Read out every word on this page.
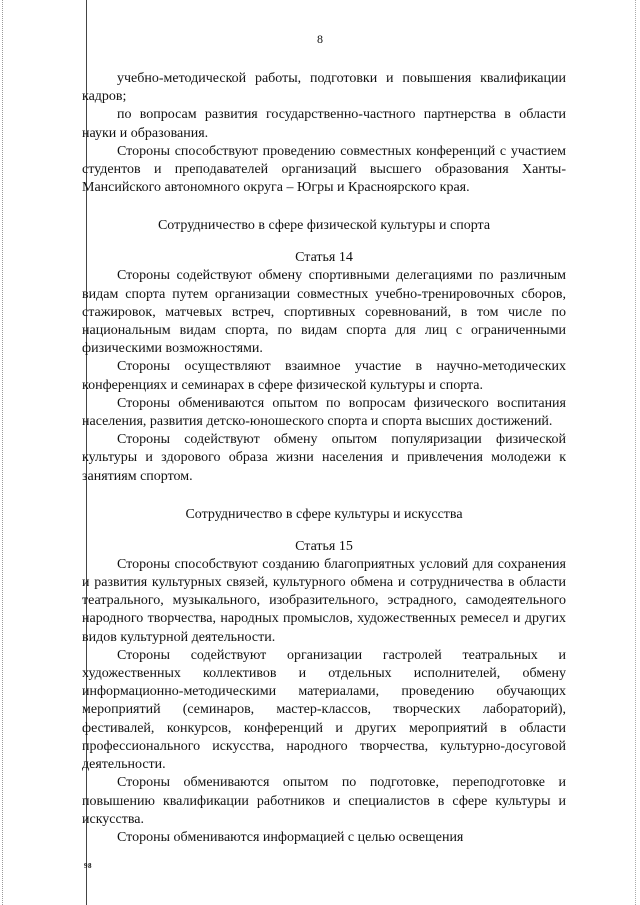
8

учебно-методической работы, подготовки и повышения квалификации кадров;

по вопросам развития государственно-частного партнерства в области науки и образования.

Стороны способствуют проведению совместных конференций с участием студентов и преподавателей организаций высшего образования Ханты-Мансийского автономного округа – Югры и Красноярского края.

Сотрудничество в сфере физической культуры и спорта
Статья 14

Стороны содействуют обмену спортивными делегациями по различным видам спорта путем организации совместных учебно-тренировочных сборов, стажировок, матчевых встреч, спортивных соревнований, в том числе по национальным видам спорта, по видам спорта для лиц с ограниченными физическими возможностями.

Стороны осуществляют взаимное участие в научно-методических конференциях и семинарах в сфере физической культуры и спорта.

Стороны обмениваются опытом по вопросам физического воспитания населения, развития детско-юношеского спорта и спорта высших достижений.

Стороны содействуют обмену опытом популяризации физической культуры и здорового образа жизни населения и привлечения молодежи к занятиям спортом.

Сотрудничество в сфере культуры и искусства
Статья 15

Стороны способствуют созданию благоприятных условий для сохранения и развития культурных связей, культурного обмена и сотрудничества в области театрального, музыкального, изобразительного, эстрадного, самодеятельного народного творчества, народных промыслов, художественных ремесел и других видов культурной деятельности.

Стороны содействуют организации гастролей театральных и художественных коллективов и отдельных исполнителей, обмену информационно-методическими материалами, проведению обучающих мероприятий (семинаров, мастер-классов, творческих лабораторий), фестивалей, конкурсов, конференций и других мероприятий в области профессионального искусства, народного творчества, культурно-досуговой деятельности.

Стороны обмениваются опытом по подготовке, переподготовке и повышению квалификации работников и специалистов в сфере культуры и искусства.

Стороны обмениваются информацией с целью освещения

98
